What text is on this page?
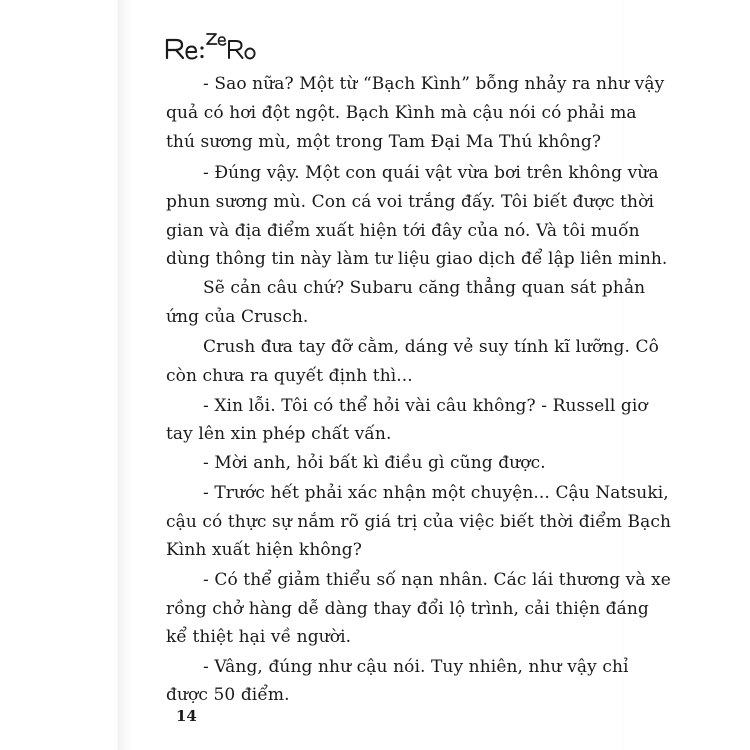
- Sao nữa? Một từ “Bạch Kình” bỗng nhảy ra như vậy
quả có hơi đột ngột. Bạch Kình mà cậu nói có phải ma
thú sương mù, một trong Tam Đại Ma Thú không?
- Đúng vậy. Một con quái vật vừa bơi trên không vừa
phun sương mù. Con cá voi trắng đấy. Tôi biết được thời
gian và địa điểm xuất hiện tới đây của nó. Và tôi muốn
dùng thông tin này làm tư liệu giao dịch để lập liên minh.
Sẽ cản câu chứ? Subaru căng thẳng quan sát phản
ứng của Crusch.
Crush đưa tay đỡ cằm, dáng vẻ suy tính kĩ lưỡng. Cô
còn chưa ra quyết định thì...
- Xin lỗi. Tôi có thể hỏi vài câu không? - Russell giơ
tay lên xin phép chất vấn.
- Mời anh, hỏi bất kì điều gì cũng được.
- Trước hết phải xác nhận một chuyện... Cậu Natsuki,
cậu có thực sự nắm rõ giá trị của việc biết thời điểm Bạch
Kình xuất hiện không?
- Có thể giảm thiểu số nạn nhân. Các lái thương và xe
rồng chở hàng dễ dàng thay đổi lộ trình, cải thiện đáng
kể thiệt hại về người.
- Vâng, đúng như cậu nói. Tuy nhiên, như vậy chỉ
được 50 điểm.
14
